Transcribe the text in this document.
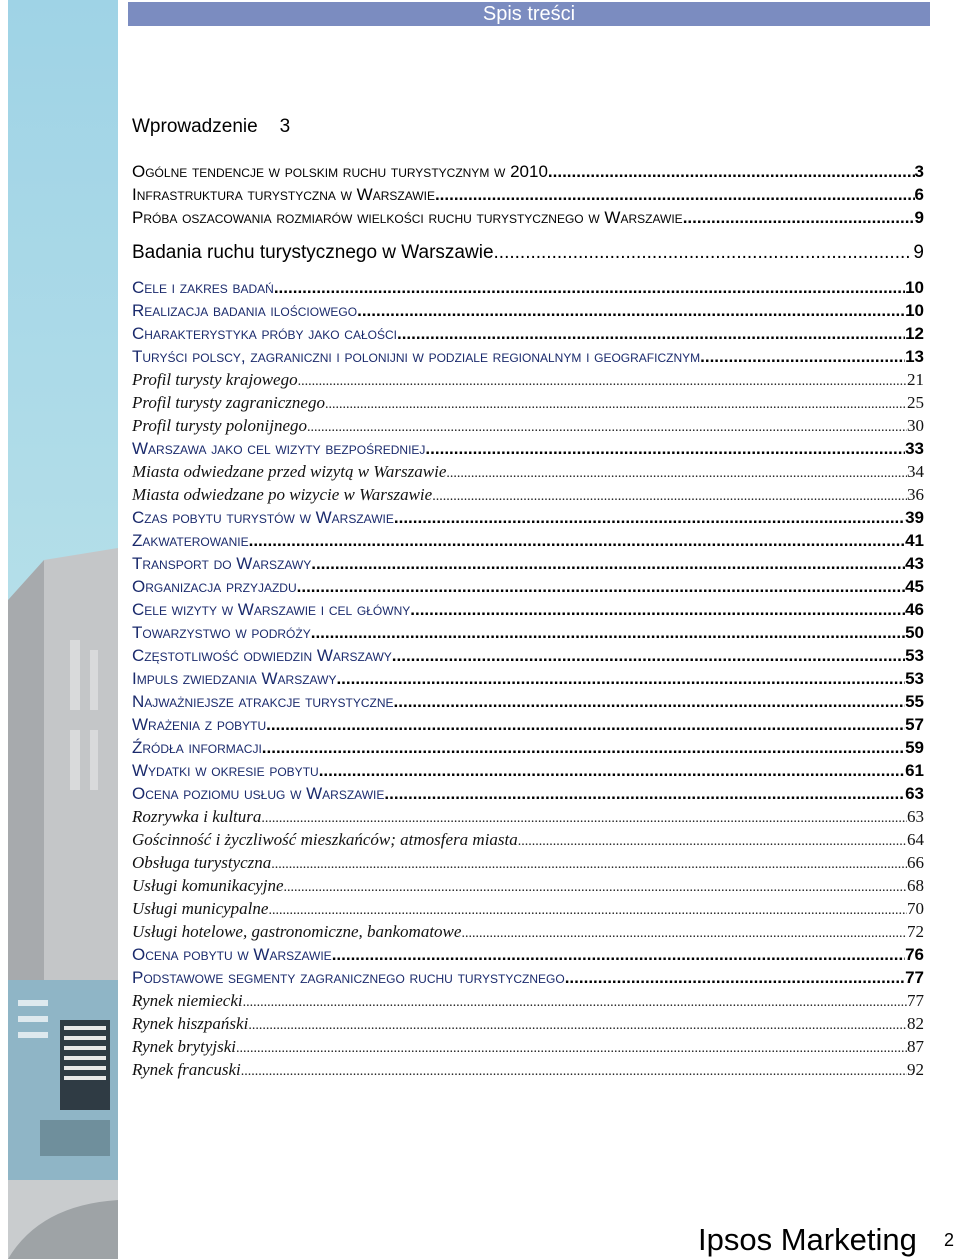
Spis treści
Wprowadzenie 3
Ogólne tendencje w polskim ruchu turystycznym w 2010 .....	3
Infrastruktura turystyczna w Warszawie .....	6
Próba oszacowania rozmiarów wielkości ruchu turystycznego w Warszawie .....	9
Badania ruchu turystycznego w Warszawie .....	9
Cele i zakres badań .....	10
Realizacja badania ilościowego .....	10
Charakterystyka próby jako całości .....	12
Turyści polscy, zagraniczni i polonijni w podziale regionalnym i geograficznym .....	13
Profil turysty krajowego .....	21
Profil turysty zagranicznego .....	25
Profil turysty polonijnego .....	30
Warszawa jako cel wizyty bezpośredniej .....	33
Miasta odwiedzane przed wizytą w Warszawie .....	34
Miasta odwiedzane po wizycie w Warszawie .....	36
Czas pobytu turystów w Warszawie .....	39
Zakwaterowanie .....	41
Transport do Warszawy .....	43
Organizacja przyjazdu .....	45
Cele wizyty w Warszawie i cel główny .....	46
Towarzystwo w podróży .....	50
Częstotliwość odwiedzin Warszawy .....	53
Impuls zwiedzania Warszawy .....	53
Najważniejsze atrakcje turystyczne .....	55
Wrażenia z pobytu .....	57
Źródła informacji .....	59
Wydatki w okresie pobytu .....	61
Ocena poziomu usług w Warszawie .....	63
Rozrywka i kultura .....	63
Gościnność i życzliwość mieszkańców; atmosfera miasta .....	64
Obsługa turystyczna .....	66
Usługi komunikacyjne .....	68
Usługi municypalne .....	70
Usługi hotelowe, gastronomiczne, bankomatowe .....	72
Ocena pobytu w Warszawie .....	76
Podstawowe segmenty zagranicznego ruchu turystycznego .....	77
Rynek niemiecki .....	77
Rynek hiszpański .....	82
Rynek brytyjski .....	87
Rynek francuski .....	92
Ipsos Marketing 2
